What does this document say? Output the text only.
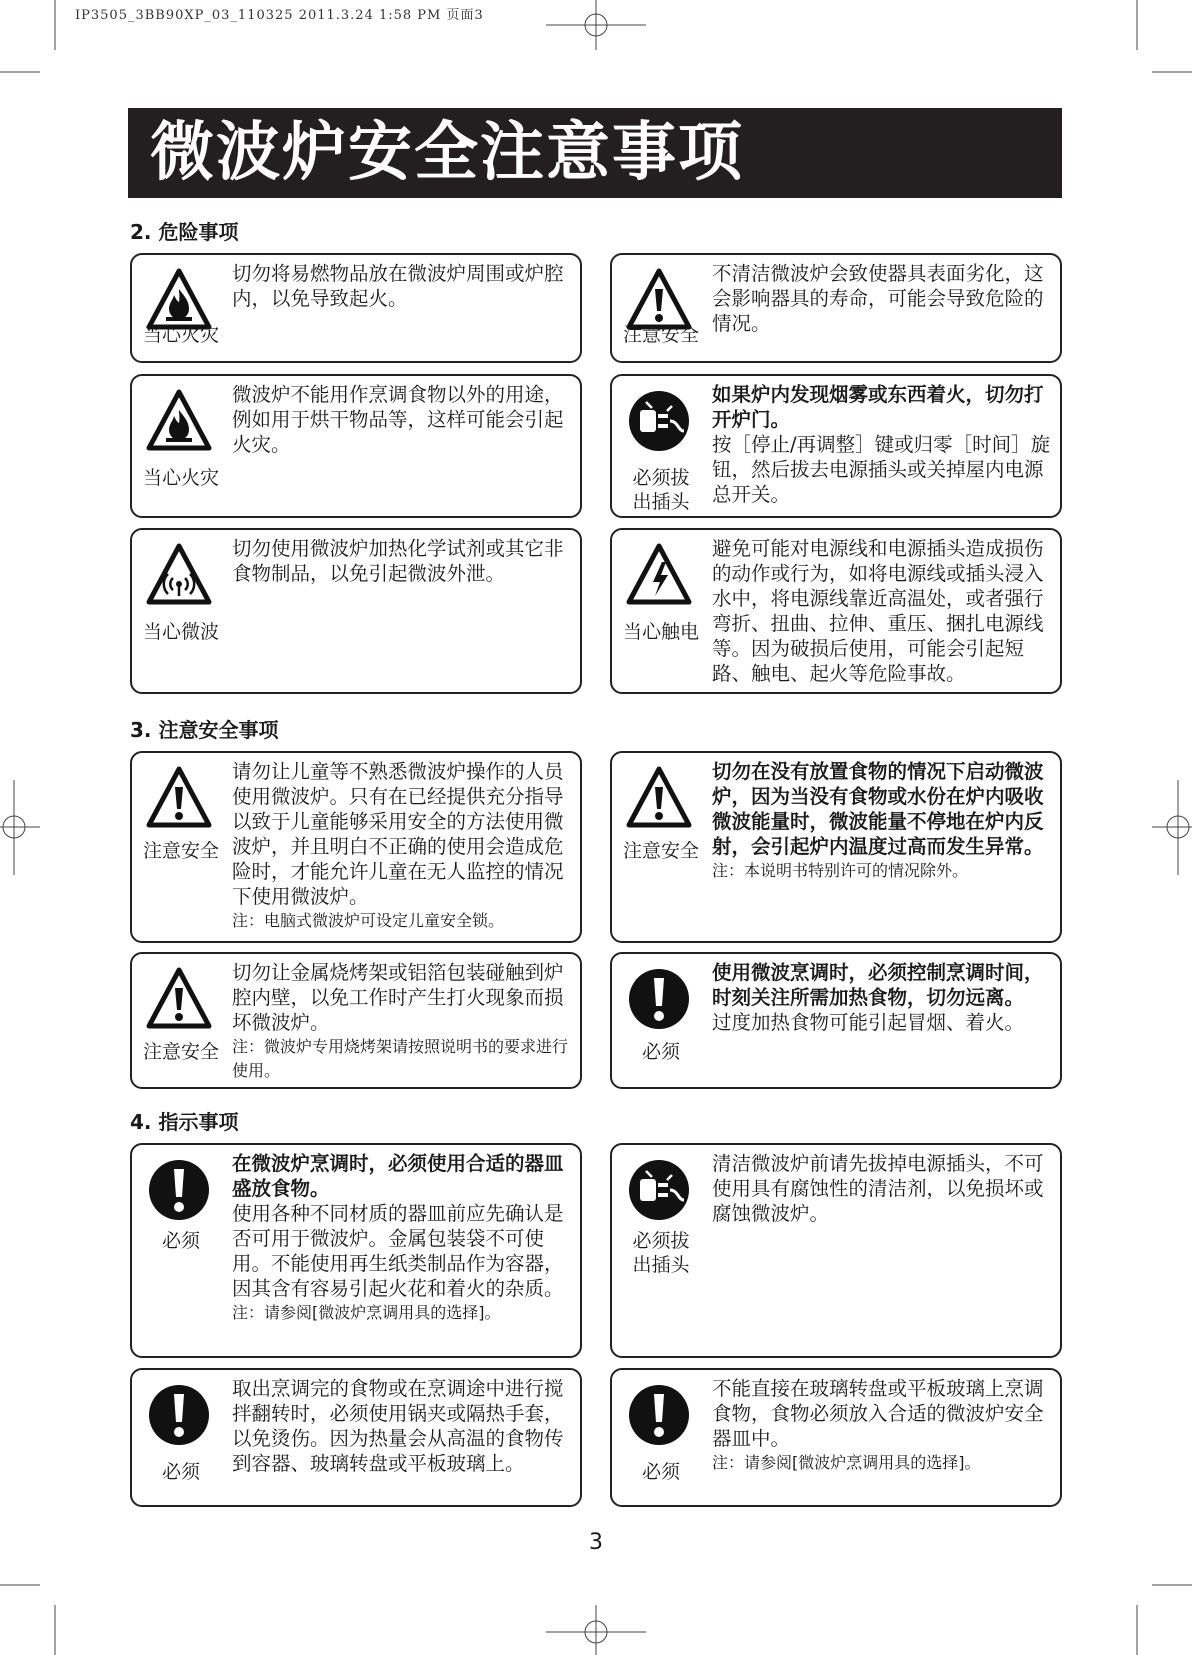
IP3505_3BB90XP_03_110325 2011.3.24 1:58 PM 页面3
微波炉安全注意事项
2. 危险事项
3. 注意安全事项
4. 指示事项
当心火灾
切勿将易燃物品放在微波炉周围或炉腔内，以免导致起火。
注意安全
不清洁微波炉会致使器具表面劣化，这会影响器具的寿命，可能会导致危险的情况。
当心火灾
微波炉不能用作烹调食物以外的用途，例如用于烘干物品等，这样可能会引起火灾。
必须拔出插头
如果炉内发现烟雾或东西着火，切勿打开炉门。
按［停止/再调整］键或归零［时间］旋钮，然后拔去电源插头或关掉屋内电源总开关。
当心微波
切勿使用微波炉加热化学试剂或其它非食物制品，以免引起微波外泄。
当心触电
避免可能对电源线和电源插头造成损伤的动作或行为，如将电源线或插头浸入水中，将电源线靠近高温处，或者强行弯折、扭曲、拉伸、重压、捆扎电源线等。因为破损后使用，可能会引起短路、触电、起火等危险事故。
注意安全
请勿让儿童等不熟悉微波炉操作的人员使用微波炉。只有在已经提供充分指导以致于儿童能够采用安全的方法使用微波炉，并且明白不正确的使用会造成危险时，才能允许儿童在无人监控的情况下使用微波炉。
注：电脑式微波炉可设定儿童安全锁。
注意安全
切勿在没有放置食物的情况下启动微波炉，因为当没有食物或水份在炉内吸收微波能量时，微波能量不停地在炉内反射，会引起炉内温度过高而发生异常。
注：本说明书特别许可的情况除外。
注意安全
切勿让金属烧烤架或铝箔包装碰触到炉腔内壁，以免工作时产生打火现象而损坏微波炉。
注：微波炉专用烧烤架请按照说明书的要求进行使用。
必须
使用微波烹调时，必须控制烹调时间，时刻关注所需加热食物，切勿远离。
过度加热食物可能引起冒烟、着火。
必须
在微波炉烹调时，必须使用合适的器皿盛放食物。
使用各种不同材质的器皿前应先确认是否可用于微波炉。金属包装袋不可使用。不能使用再生纸类制品作为容器，因其含有容易引起火花和着火的杂质。
注：请参阅[微波炉烹调用具的选择]。
必须拔出插头
清洁微波炉前请先拔掉电源插头，不可使用具有腐蚀性的清洁剂，以免损坏或腐蚀微波炉。
必须
取出烹调完的食物或在烹调途中进行搅拌翻转时，必须使用锅夹或隔热手套，以免烫伤。因为热量会从高温的食物传到容器、玻璃转盘或平板玻璃上。	必须
不能直接在玻璃转盘或平板玻璃上烹调食物，食物必须放入合适的微波炉安全器皿中。
注：请参阅[微波炉烹调用具的选择]。
3
